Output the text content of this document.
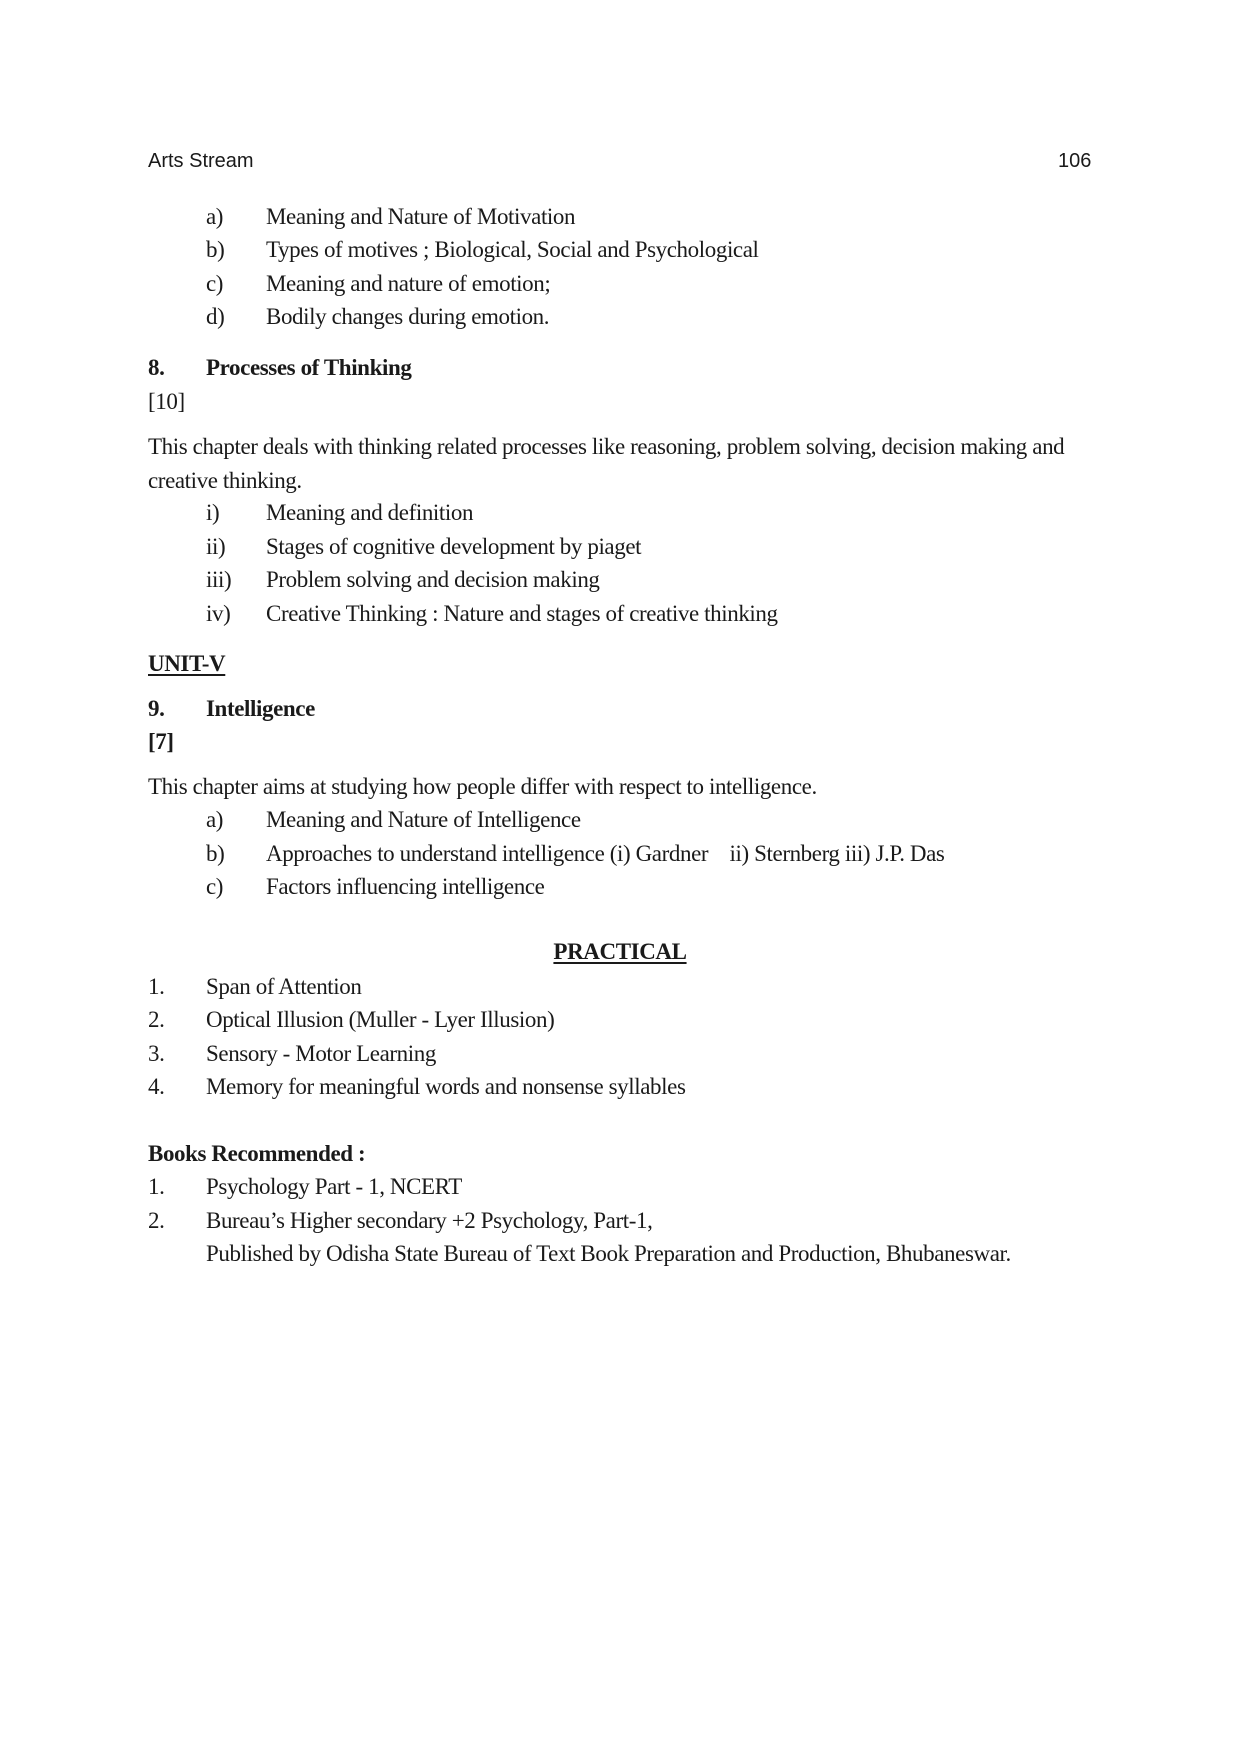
Arts Stream	106
a) Meaning and Nature of Motivation
b) Types of motives ; Biological, Social and Psychological
c) Meaning and nature of emotion;
d) Bodily changes during emotion.
8. Processes of Thinking
[10]
This chapter deals with thinking related processes like reasoning, problem solving, decision making and creative thinking.
i) Meaning and definition
ii) Stages of cognitive development by piaget
iii) Problem solving and decision making
iv) Creative Thinking : Nature and stages of creative thinking
UNIT-V
9. Intelligence
[7]
This chapter aims at studying how people differ with respect to intelligence.
a) Meaning and Nature of Intelligence
b) Approaches to understand intelligence (i) Gardner    ii) Sternberg iii) J.P. Das
c) Factors influencing intelligence
PRACTICAL
1. Span of Attention
2. Optical Illusion (Muller - Lyer Illusion)
3. Sensory - Motor Learning
4. Memory for meaningful words and nonsense syllables
Books Recommended :
1. Psychology Part - 1, NCERT
2. Bureau’s Higher secondary +2 Psychology, Part-1,
Published by Odisha State Bureau of Text Book Preparation and Production, Bhubaneswar.
